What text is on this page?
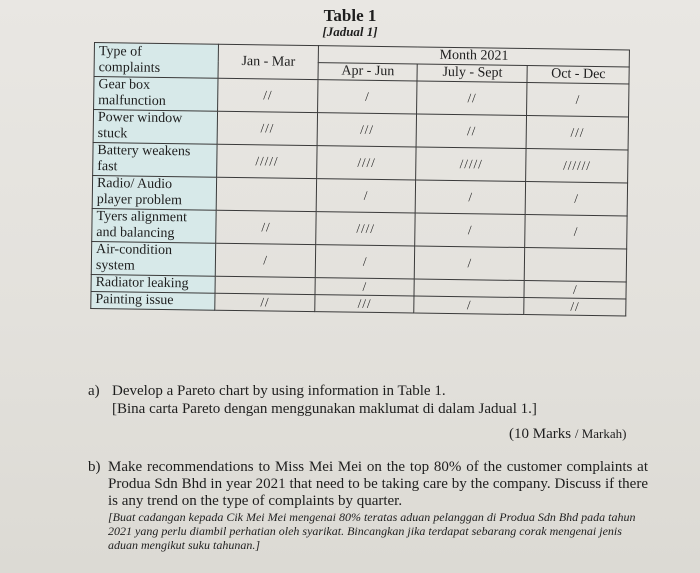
Table 1
[Jadual 1]
Type of
complaints	Jan - Mar	Month 2021		
		Apr - Jun	July - Sept	Oct - Dec

Gear box
malfunction	//	/	//	/

Power window
stuck	///	///	//	///

Battery weakens
fast	/////	////	/////	//////

Radio/ Audio
player problem		/	/	/

Tyers alignment
and balancing	//	////	/	/

Air-condition
system	/	/	/	

Radiator leaking		/		/

Painting issue	//	///	/	//
a) Develop a Pareto chart by using information in Table 1.
[Bina carta Pareto dengan menggunakan maklumat di dalam Jadual 1.]
(10 Marks / Markah)
b) Make recommendations to Miss Mei Mei on the top 80% of the customer complaints at Produa Sdn Bhd in year 2021 that need to be taking care by the company. Discuss if there is any trend on the type of complaints by quarter.
[Buat cadangan kepada Cik Mei Mei mengenai 80% teratas aduan pelanggan di Produa Sdn Bhd pada tahun 2021 yang perlu diambil perhatian oleh syarikat. Bincangkan jika terdapat sebarang corak mengenai jenis aduan mengikut suku tahunan.]
